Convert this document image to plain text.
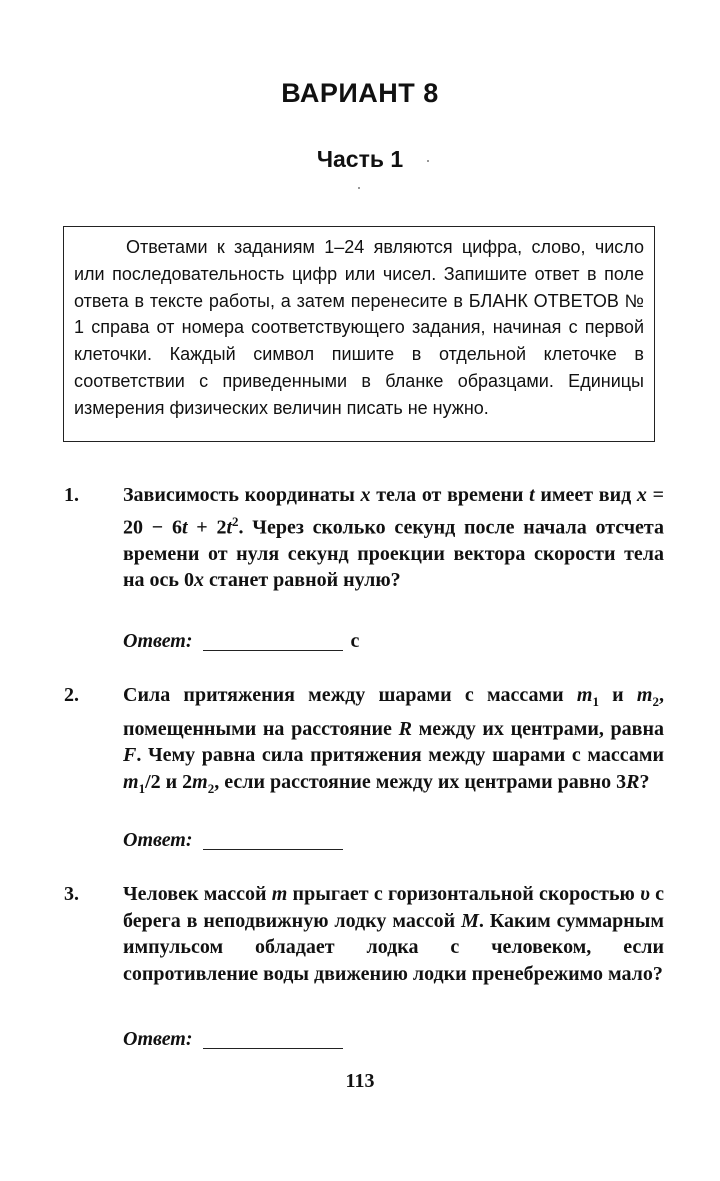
ВАРИАНТ 8
Часть 1
Ответами к заданиям 1–24 являются цифра, слово, число или последовательность цифр или чисел. Запишите ответ в поле ответа в тексте работы, а затем перенесите в БЛАНК ОТВЕТОВ № 1 справа от номера соответствующего задания, начиная с первой клеточки. Каждый символ пишите в отдельной клеточке в соответствии с приведенными в бланке образцами. Единицы измерения физических величин писать не нужно.
1. Зависимость координаты x тела от времени t имеет вид $x = 20 - 6t + 2t^2$. Через сколько секунд после начала отсчета времени от нуля секунд проекции вектора скорости тела на ось 0x станет равной нулю?
Ответ:	с
2. Сила притяжения между шарами с массами $m_1$ и $m_2$, помещенными на расстояние R между их центрами, равна F. Чему равна сила притяжения между шарами с массами $m_1/2$ и $2m_2$, если расстояние между их центрами равно 3R?
Ответ:
3. Человек массой m прыгает с горизонтальной скоростью υ с берега в неподвижную лодку массой M. Каким суммарным импульсом обладает лодка с человеком, если сопротивление воды движению лодки пренебрежимо мало?
Ответ:
113
